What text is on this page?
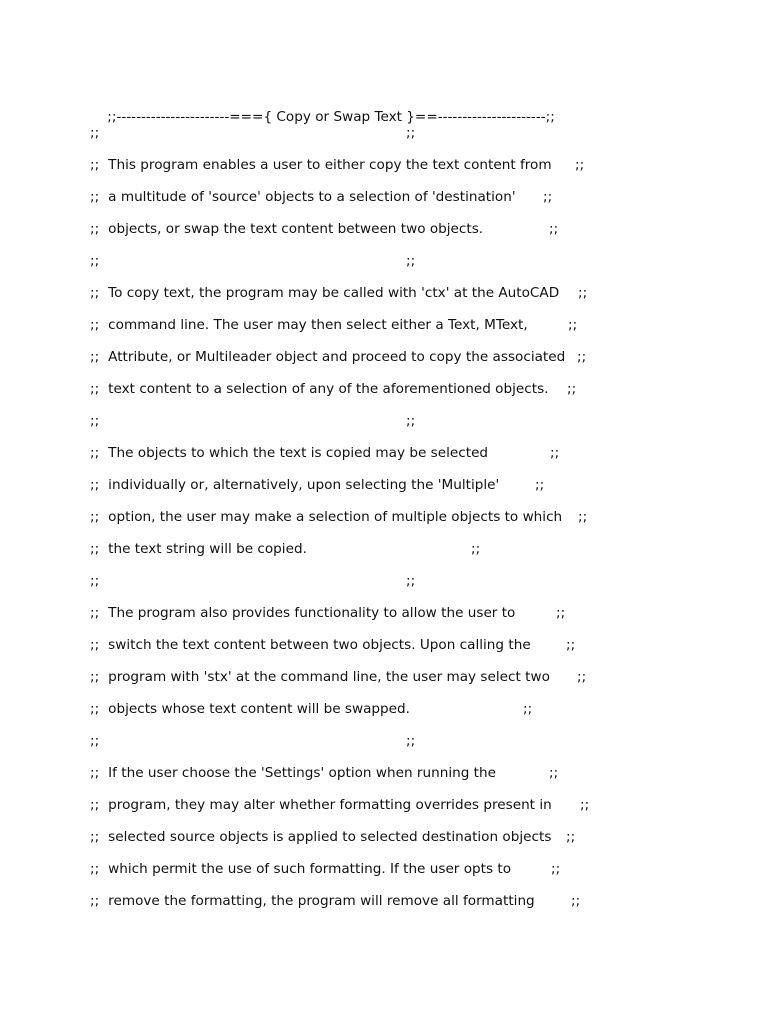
;;-----------------------==={ Copy or Swap Text }==----------------------;;

;;	;;
;; This program enables a user to either copy the text content from ;;
;; a multitude of 'source' objects to a selection of 'destination' ;;
;; objects, or swap the text content between two objects.	;;
;;	;;
;; To copy text, the program may be called with 'ctx' at the AutoCAD ;;
;; command line. The user may then select either a Text, MText,	;;
;; Attribute, or Multileader object and proceed to copy the associated ;;
;; text content to a selection of any of the aforementioned objects. ;;
;;	;;
;; The objects to which the text is copied may be selected	;;
;; individually or, alternatively, upon selecting the 'Multiple'	;;
;; option, the user may make a selection of multiple objects to which ;;
;; the text string will be copied.	;;
;;	;;
;; The program also provides functionality to allow the user to	;;
;; switch the text content between two objects. Upon calling the	;;
;; program with 'stx' at the command line, the user may select two ;;
;; objects whose text content will be swapped.	;;
;;	;;
;; If the user choose the 'Settings' option when running the	;;
;; program, they may alter whether formatting overrides present in ;;
;; selected source objects is applied to selected destination objects ;;
;; which permit the use of such formatting. If the user opts to	;;
;; remove the formatting, the program will remove all formatting	;;
